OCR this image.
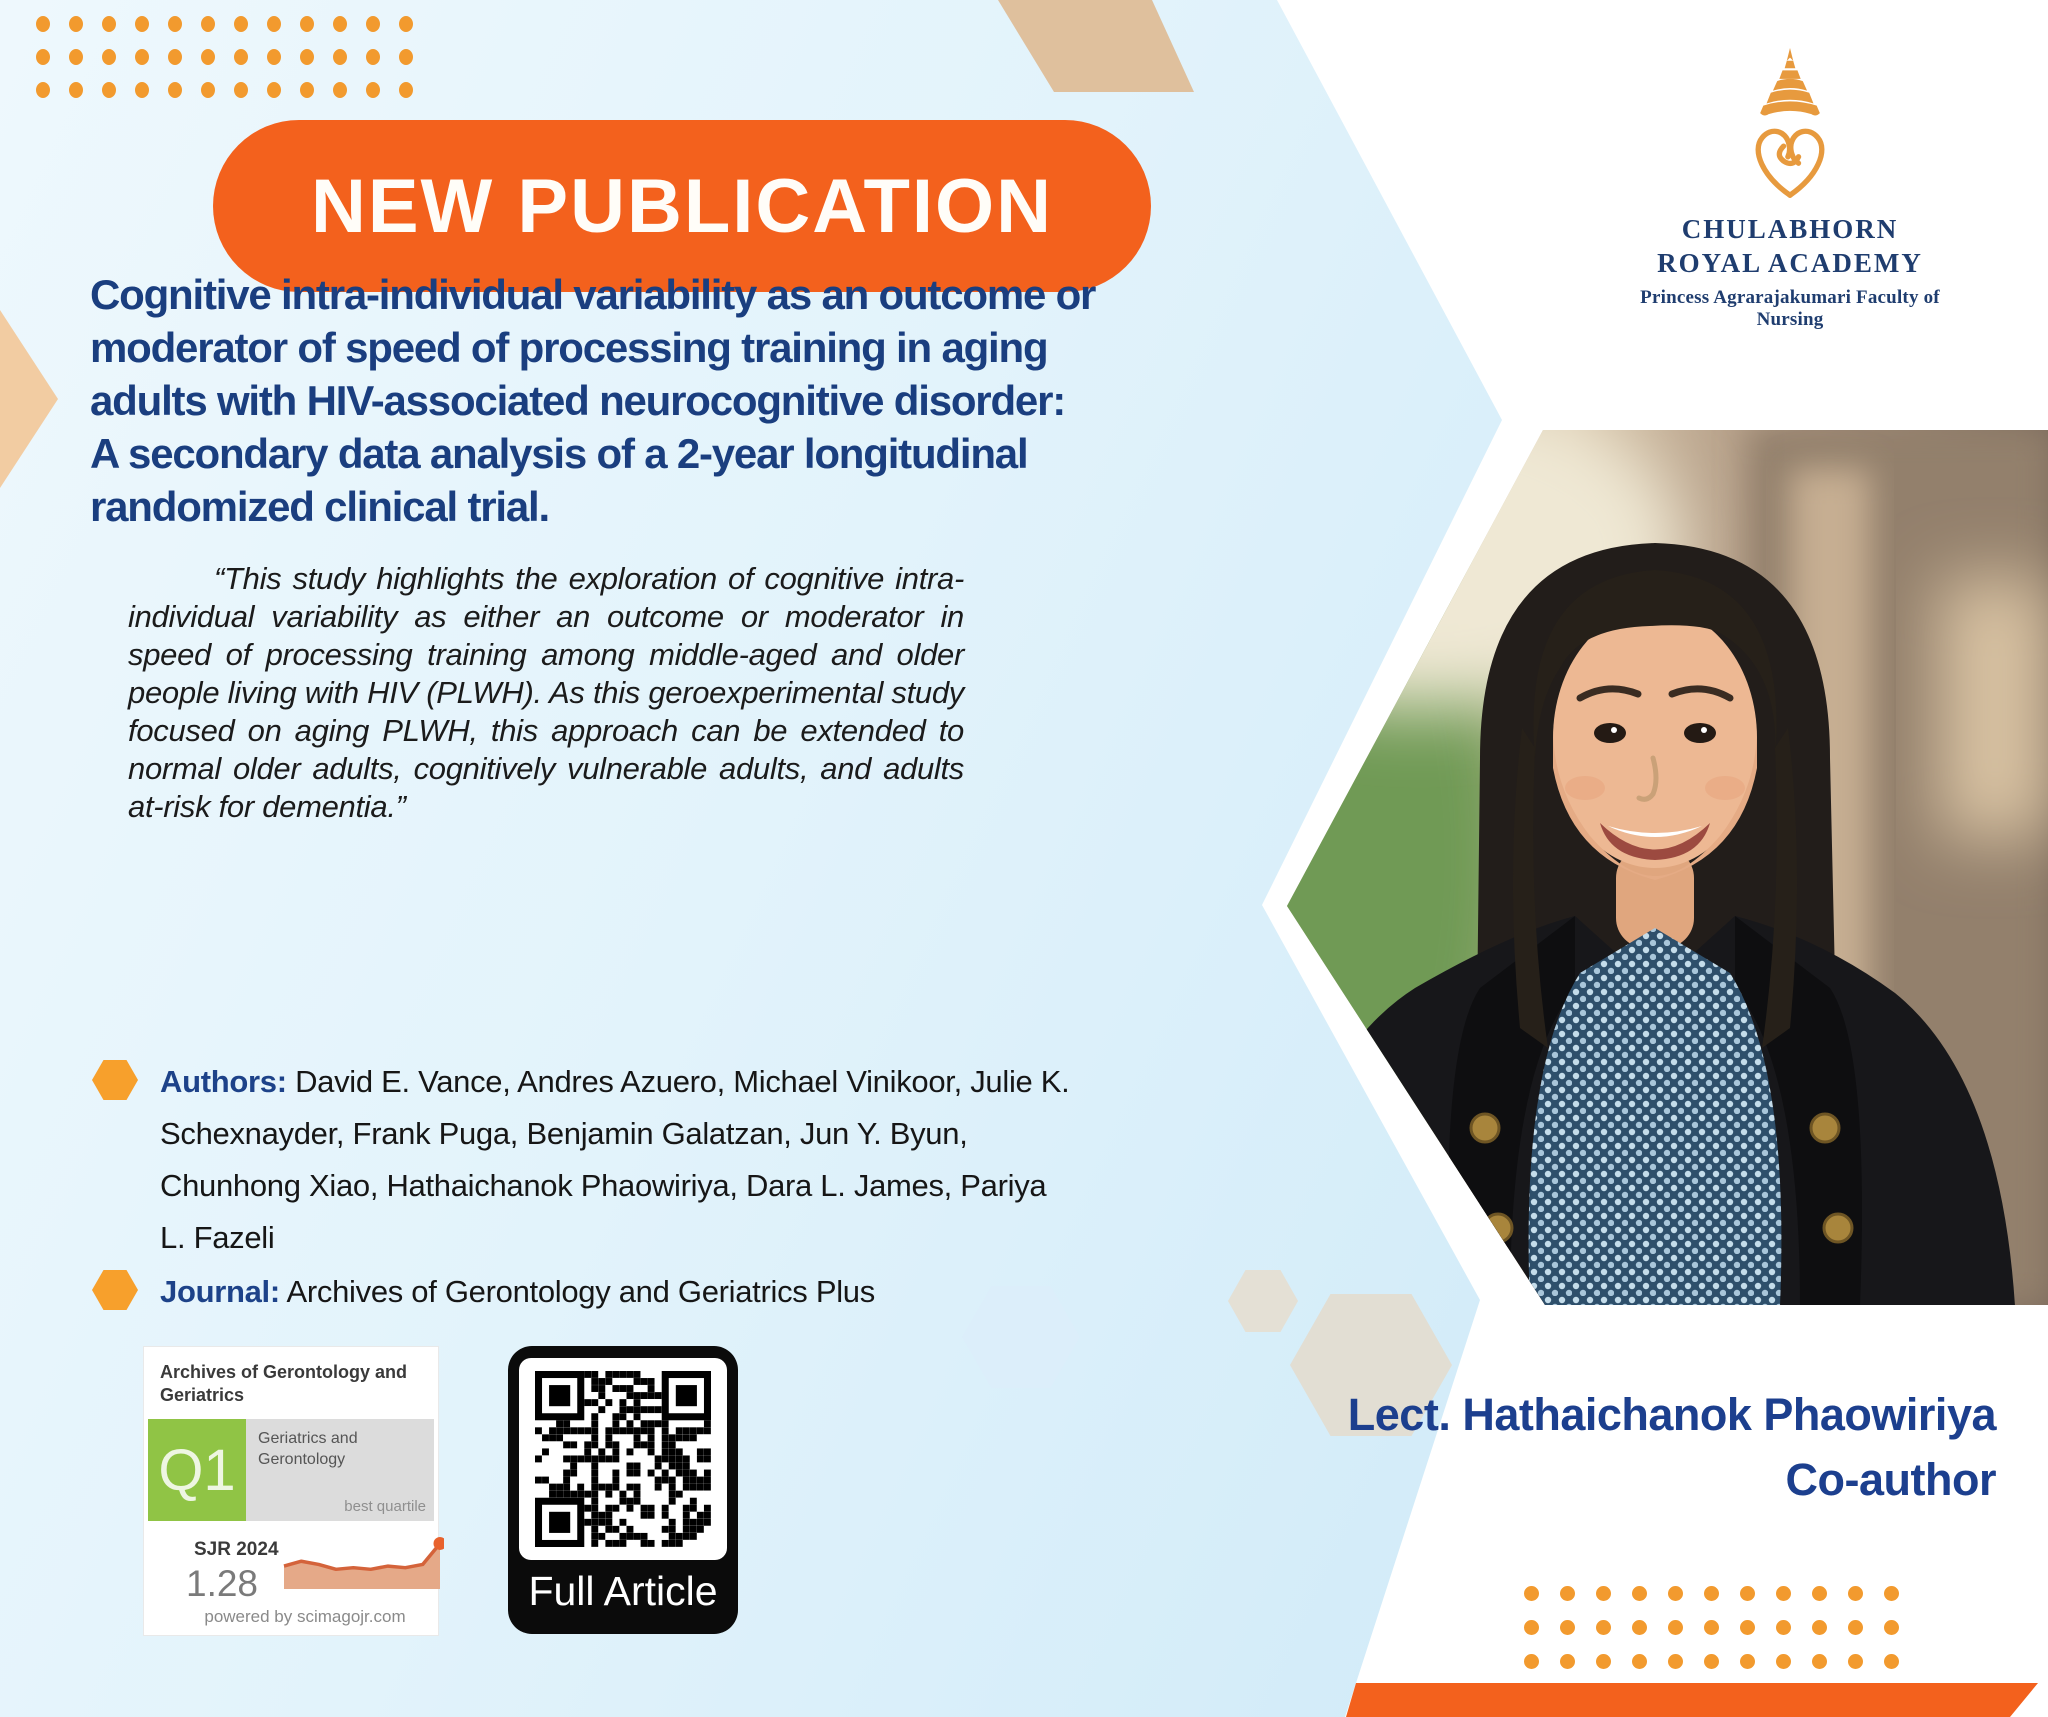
NEW PUBLICATION	CHULABHORN
ROYAL ACADEMY
Princess Agrarajakumari Faculty of Nursing
Cognitive intra-individual variability as an outcome or moderator of speed of processing training in aging adults with HIV-associated neurocognitive disorder: A secondary data analysis of a 2-year longitudinal randomized clinical trial.
“This study highlights the exploration of cognitive intra-individual variability as either an outcome or moderator in speed of processing training among middle-aged and older people living with HIV (PLWH). As this geroexperimental study focused on aging PLWH, this approach can be extended to normal older adults, cognitively vulnerable adults, and adults at-risk for dementia.”
Authors: David E. Vance, Andres Azuero, Michael Vinikoor, Julie K. Schexnayder, Frank Puga, Benjamin Galatzan, Jun Y. Byun, Chunhong Xiao, Hathaichanok Phaowiriya, Dara L. James, Pariya L. Fazeli
Journal: Archives of Gerontology and Geriatrics Plus
Archives of Gerontology and Geriatrics
Q1	Geriatrics and Gerontology
best quartile
SJR 2024
1.28
powered by scimagojr.com
Full Article
Lect. Hathaichanok Phaowiriya
Co-author
